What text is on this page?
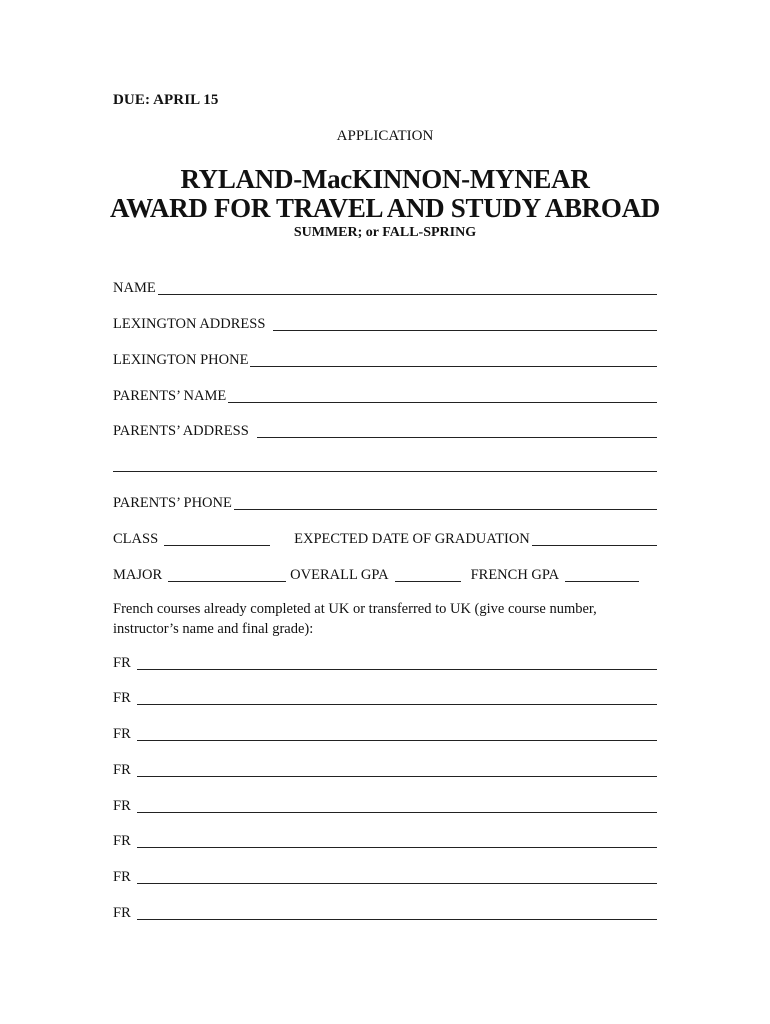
DUE: APRIL 15
APPLICATION
RYLAND-MacKINNON-MYNEAR
AWARD FOR TRAVEL AND STUDY ABROAD
SUMMER; or FALL-SPRING
NAME
LEXINGTON ADDRESS
LEXINGTON PHONE
PARENTS’ NAME
PARENTS’ ADDRESS
PARENTS’ PHONE
CLASS	EXPECTED DATE OF GRADUATION
MAJOR	OVERALL GPA	FRENCH GPA
French courses already completed at UK or transferred to UK (give course number, instructor’s name and final grade):
FR
FR
FR
FR
FR
FR
FR
FR
